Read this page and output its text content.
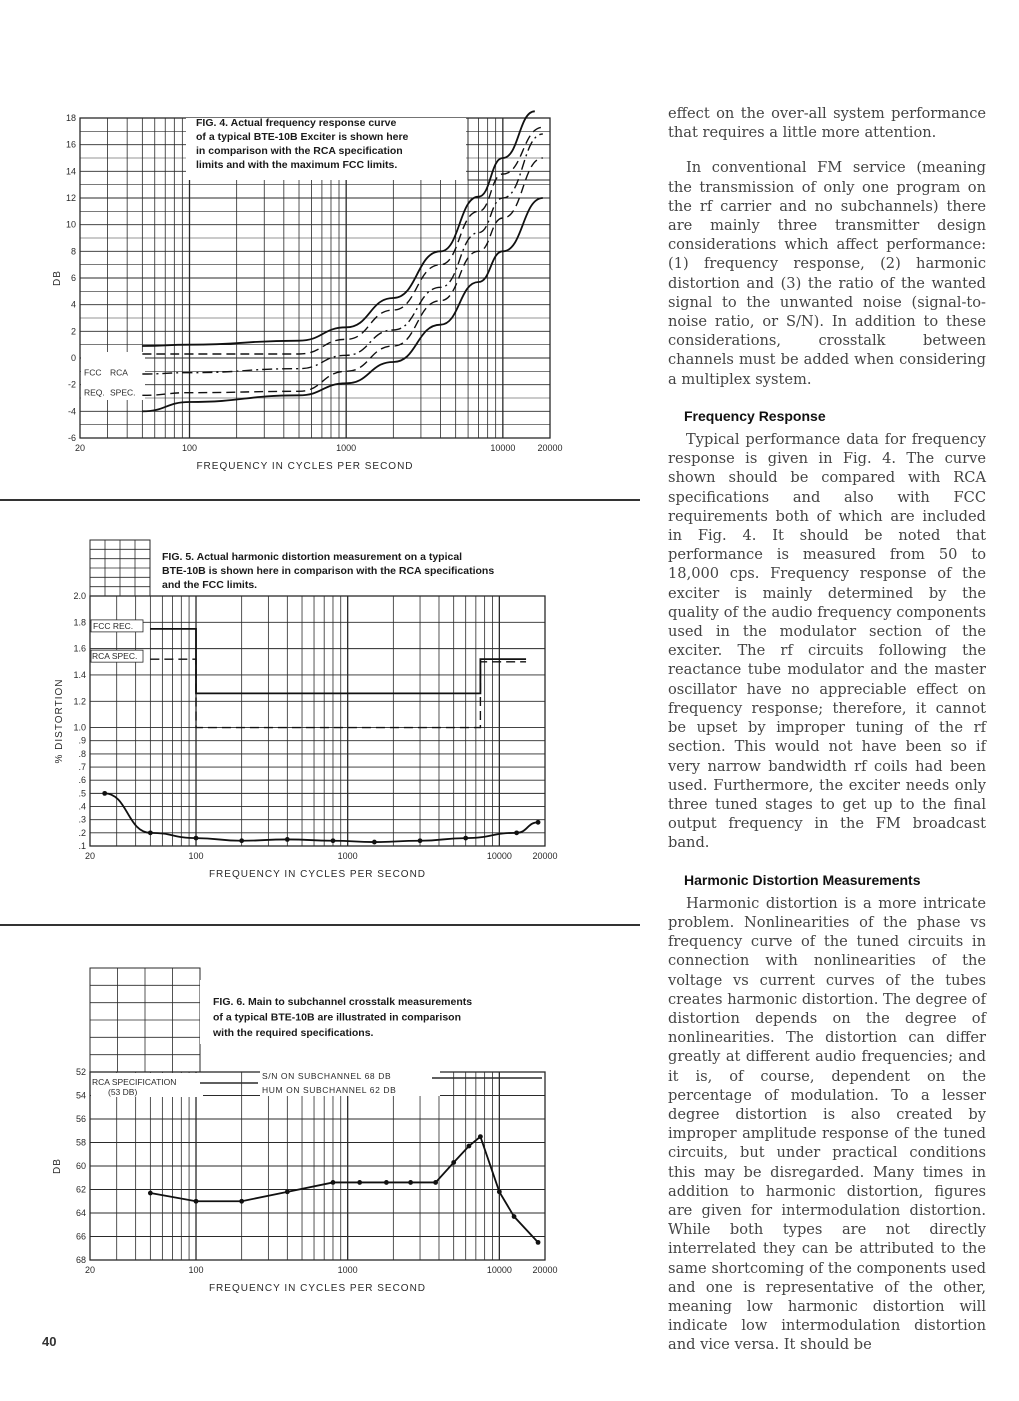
18
16
14
12
10
8
6
4
2
0
-2
-4
-6
FIG. 4. Actual frequency response curve
of a typical BTE-10B Exciter is shown here
in comparison with the RCA specification
limits and with the maximum FCC limits.
20	100	1000	10000 20000
FREQUENCY IN CYCLES PER SECOND
DB
FCC
REQ.
RCA
SPEC.
2.0
1.8
1.6
1.4
1.2
1.0
.9
.8
.7
.6
.5
.4
.3
.2
.1
FIG. 5. Actual harmonic distortion measurement on a typical
BTE-10B is shown here in comparison with the RCA specifications
and the FCC limits.
20	100	1000	10000 20000
FREQUENCY IN CYCLES PER SECOND
% DISTORTION
FCC REC.
RCA SPEC.
52
54
56
58
60
62
64
66
68
FIG. 6. Main to subchannel crosstalk measurements
of a typical BTE-10B are illustrated in comparison
with the required specifications.
20	100	1000	10000 20000
FREQUENCY IN CYCLES PER SECOND
DB
RCA SPECIFICATION
(53 DB)
S/N ON SUBCHANNEL 68 DB
HUM ON SUBCHANNEL 62 DB
40

effect on the over-all system performance that requires a little more attention.

In conventional FM service (meaning the transmission of only one program on the rf carrier and no subchannels) there are mainly three transmitter design considerations which affect performance: (1) frequency response, (2) harmonic distortion and (3) the ratio of the wanted signal to the unwanted noise (signal-to-noise ratio, or S/N). In addition to these considerations, crosstalk between channels must be added when considering a multiplex system.

Frequency Response

Typical performance data for frequency response is given in Fig. 4. The curve shown should be compared with RCA specifications and also with FCC requirements both of which are included in Fig. 4. It should be noted that performance is measured from 50 to 18,000 cps. Frequency response of the exciter is mainly determined by the quality of the audio frequency components used in the modulator section of the exciter. The rf circuits following the reactance tube modulator and the master oscillator have no appreciable effect on frequency response; therefore, it cannot be upset by improper tuning of the rf section. This would not have been so if very narrow bandwidth rf coils had been used. Furthermore, the exciter needs only three tuned stages to get up to the final output frequency in the FM broadcast band.

Harmonic Distortion Measurements

Harmonic distortion is a more intricate problem. Nonlinearities of the phase vs frequency curve of the tuned circuits in connection with nonlinearities of the voltage vs current curves of the tubes creates harmonic distortion. The degree of distortion depends on the degree of nonlinearities. The distortion can differ greatly at different audio frequencies; and it is, of course, dependent on the percentage of modulation. To a lesser degree distortion is also created by improper amplitude response of the tuned circuits, but under practical conditions this may be disregarded. Many times in addition to harmonic distortion, figures are given for intermodulation distortion. While both types are not directly interrelated they can be attributed to the same shortcoming of the components used and one is representative of the other, meaning low harmonic distortion will indicate low intermodulation distortion and vice versa. It should be
